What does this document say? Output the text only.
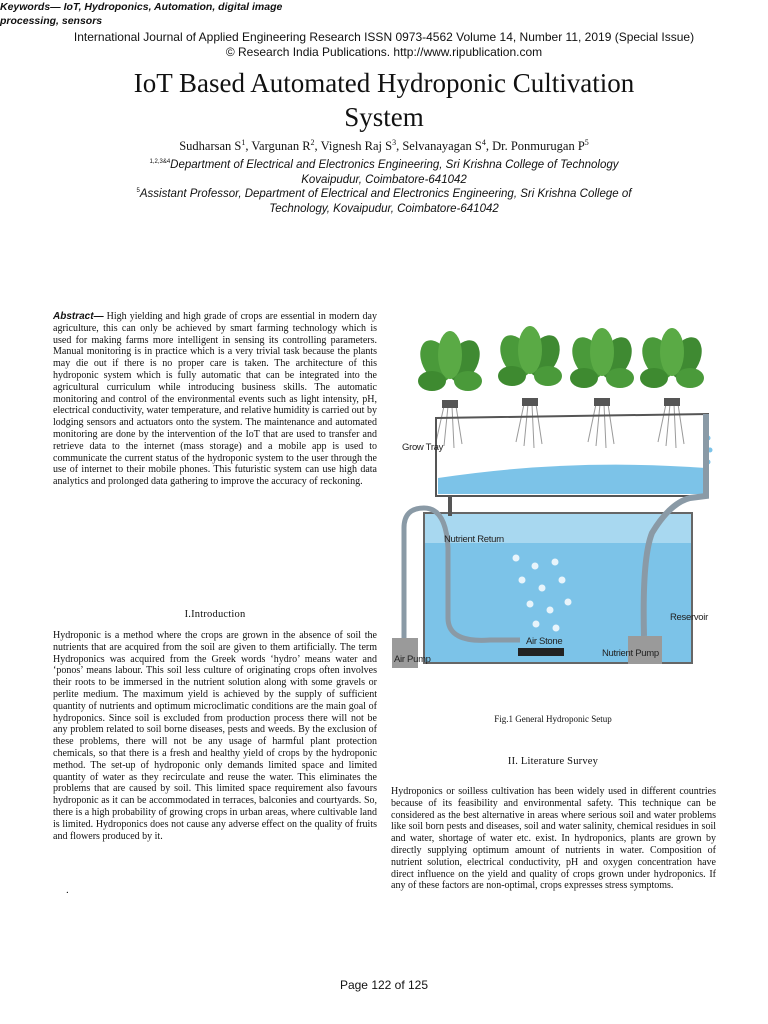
International Journal of Applied Engineering Research ISSN 0973-4562 Volume 14, Number 11, 2019 (Special Issue)
© Research India Publications. http://www.ripublication.com
IoT Based Automated Hydroponic Cultivation
System
Sudharsan $S^1$, Vargunan $R^2$, Vignesh Raj $S^3$, Selvanayagan $S^4$, Dr. Ponmurugan $P^5$
$^{1,2,3\&4}$Department of Electrical and Electronics Engineering, Sri Krishna College of Technology
Kovaipudur, Coimbatore-641042
$^5$Assistant Professor, Department of Electrical and Electronics Engineering, Sri Krishna College of
Technology, Kovaipudur, Coimbatore-641042
Abstract— High yielding and high grade of crops are essential in modern day agriculture, this can only be achieved by smart farming technology which is used for making farms more intelligent in sensing its controlling parameters. Manual monitoring is in practice which is a very trivial task because the plants may die out if there is no proper care is taken. The architecture of this hydroponic system which is fully automatic that can be integrated into the agricultural curriculum while introducing business skills. The automatic monitoring and control of the environmental events such as light intensity, pH, electrical conductivity, water temperature, and relative humidity is carried out by lodging sensors and actuators onto the system. The maintenance and automated monitoring are done by the intervention of the IoT that are used to transfer and retrieve data to the internet (mass storage) and a mobile app is used to communicate the current status of the hydroponic system to the user through the use of internet to their mobile phones. This futuristic system can use high data analytics and prolonged data gathering to improve the accuracy of reckoning.
Keywords— IoT, Hydroponics, Automation, digital image processing, sensors
I.Introduction
Hydroponic is a method where the crops are grown in the absence of soil the nutrients that are acquired from the soil are given to them artificially. The term Hydroponics was acquired from the Greek words ‘hydro’ means water and ‘ponos’ means labour. This soil less culture of originating crops often involves their roots to be immersed in the nutrient solution along with some gravels or perlite medium. The maximum yield is achieved by the supply of sufficient quantity of nutrients and optimum microclimatic conditions are the main goal of hydroponics. Since soil is excluded from production process there will not be any problem related to soil borne diseases, pests and weeds. By the exclusion of these problems, there will not be any usage of harmful plant protection chemicals, so that there is a fresh and healthy yield of crops by the hydroponic method. The set-up of hydroponic only demands limited space and limited quantity of water as they recirculate and reuse the water. This eliminates the problems that are caused by soil. This limited space requirement also favours hydroponic as it can be accommodated in terraces, balconies and courtyards. So, there is a high probability of growing crops in urban areas, where cultivable land is limited. Hydroponics does not cause any adverse effect on the quality of fruits and flowers produced by it.
.
Grow Tray
Nutrient Return
Reservoir
Air Stone
Air Pump
Nutrient Pump
Fig.1 General Hydroponic Setup
II. Literature Survey
Hydroponics or soilless cultivation has been widely used in different countries because of its feasibility and environmental safety. This technique can be considered as the best alternative in areas where serious soil and water problems like soil born pests and diseases, soil and water salinity, chemical residues in soil and water, shortage of water etc. exist. In hydroponics, plants are grown by directly supplying optimum amount of nutrients in water. Composition of nutrient solution, electrical conductivity, pH and oxygen concentration have direct influence on the yield and quality of crops grown under hydroponics. If any of these factors are non-optimal, crops expresses stress symptoms.
Page 122 of 125
